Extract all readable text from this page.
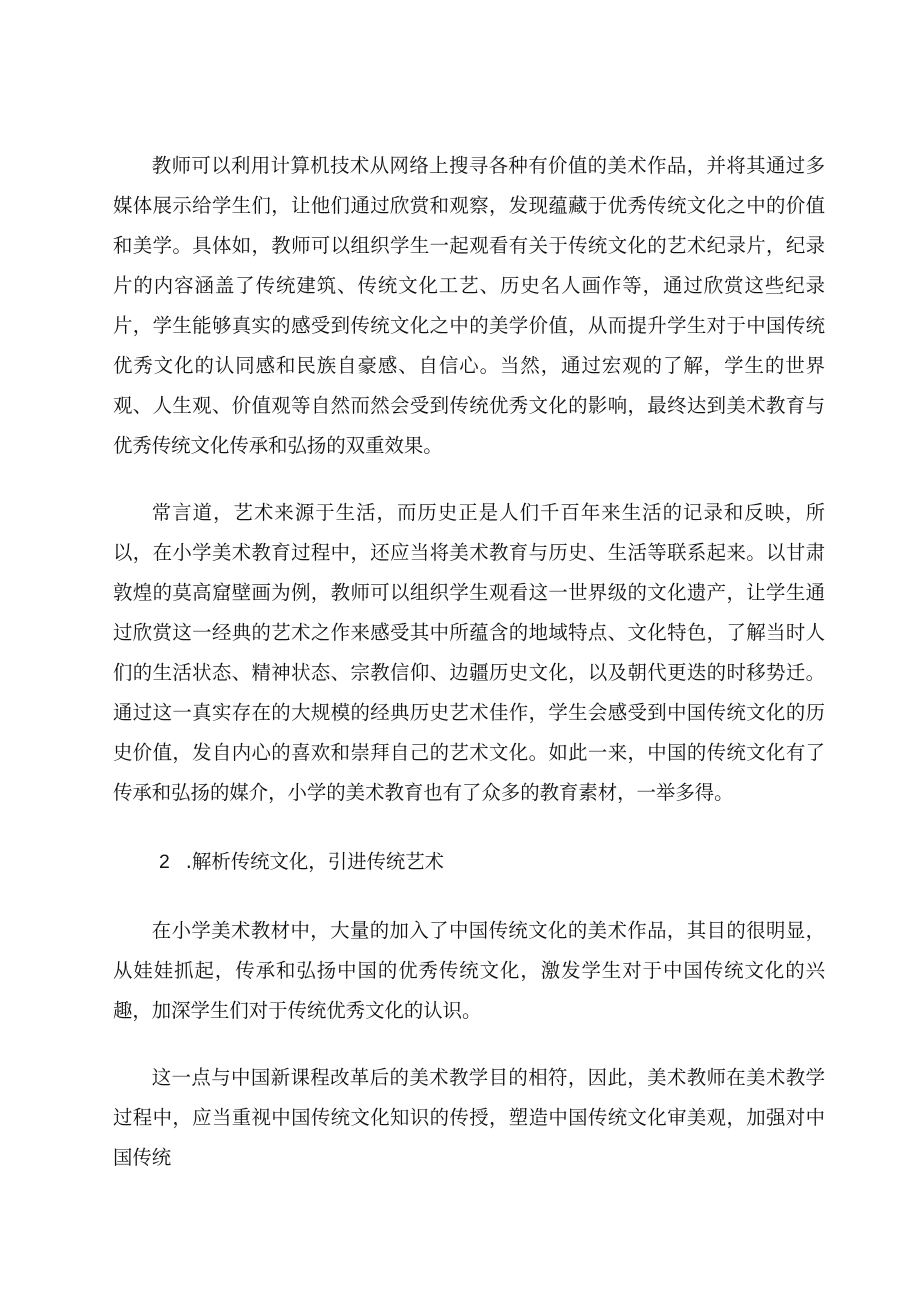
教师可以利用计算机技术从网络上搜寻各种有价值的美术作品，并将其通过多媒体展示给学生们，让他们通过欣赏和观察，发现蕴藏于优秀传统文化之中的价值和美学。具体如，教师可以组织学生一起观看有关于传统文化的艺术纪录片，纪录片的内容涵盖了传统建筑、传统文化工艺、历史名人画作等，通过欣赏这些纪录片，学生能够真实的感受到传统文化之中的美学价值，从而提升学生对于中国传统优秀文化的认同感和民族自豪感、自信心。当然，通过宏观的了解，学生的世界观、人生观、价值观等自然而然会受到传统优秀文化的影响，最终达到美术教育与优秀传统文化传承和弘扬的双重效果。

常言道，艺术来源于生活，而历史正是人们千百年来生活的记录和反映，所以，在小学美术教育过程中，还应当将美术教育与历史、生活等联系起来。以甘肃敦煌的莫高窟壁画为例，教师可以组织学生观看这一世界级的文化遗产，让学生通过欣赏这一经典的艺术之作来感受其中所蕴含的地域特点、文化特色，了解当时人们的生活状态、精神状态、宗教信仰、边疆历史文化，以及朝代更迭的时移势迁。通过这一真实存在的大规模的经典历史艺术佳作，学生会感受到中国传统文化的历史价值，发自内心的喜欢和崇拜自己的艺术文化。如此一来，中国的传统文化有了传承和弘扬的媒介，小学的美术教育也有了众多的教育素材，一举多得。

2 .解析传统文化，引进传统艺术

在小学美术教材中，大量的加入了中国传统文化的美术作品，其目的很明显，从娃娃抓起，传承和弘扬中国的优秀传统文化，激发学生对于中国传统文化的兴趣，加深学生们对于传统优秀文化的认识。

这一点与中国新课程改革后的美术教学目的相符，因此，美术教师在美术教学过程中，应当重视中国传统文化知识的传授，塑造中国传统文化审美观，加强对中国传统
